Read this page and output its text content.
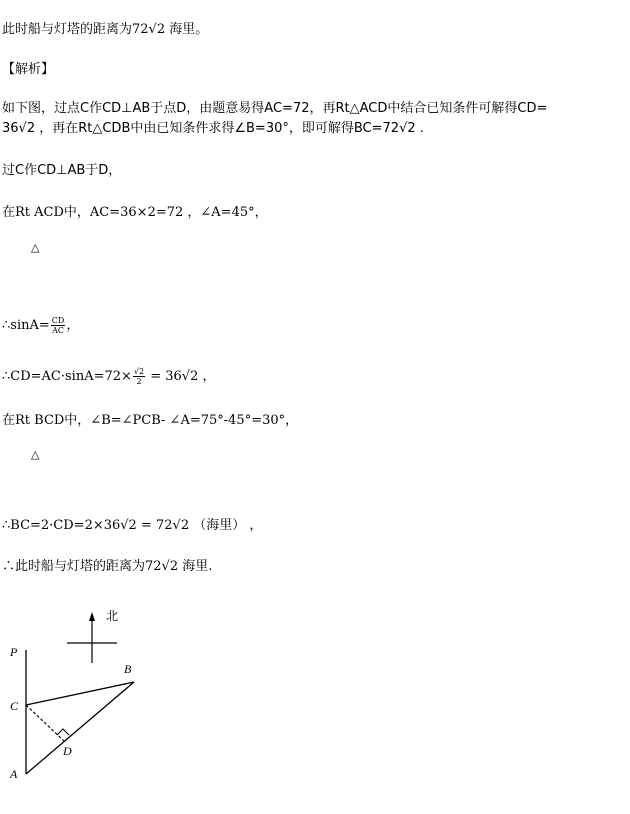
此时船与灯塔的距离为72√2 海里。
【解析】
如下图，过点C作CD⊥AB于点D，由题意易得AC=72，再Rt△ACD中结合已知条件可解得CD=
36√2 ，再在Rt△CDB中由已知条件求得∠B=30°，即可解得BC=72√2 .
过C作CD⊥AB于D，
在Rt ACD中，AC=36×2=72 ，∠A=45°，
△
∴sinA= $\frac{CD}{AC}$ ，
∴CD=AC·sinA=72× $\frac{√2}{2} = 36√2$ ，
在Rt BCD中，∠B=∠PCB- ∠A=75°-45°=30°，
△
∴BC=2·CD=2×36√2 = 72√2 （海里） ，
∴此时船与灯塔的距离为72√2 海里.
北
P
B
C
D
A
